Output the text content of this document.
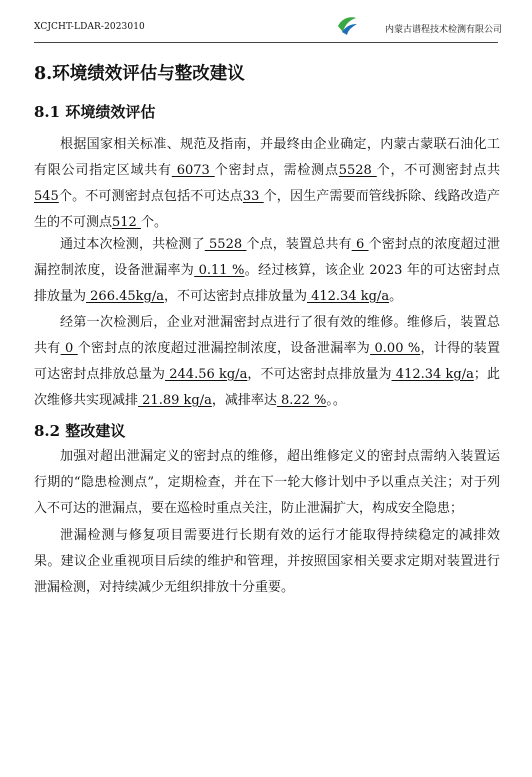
XCJCHT-LDAR-2023010	内蒙古谱程技术检测有限公司
8.环境绩效评估与整改建议
8.1 环境绩效评估

根据国家相关标准、规范及指南，并最终由企业确定，内蒙古蒙联石油化工有限公司指定区域共有 6073 个密封点，需检测点5528 个，不可测密封点共545个。不可测密封点包括不可达点33 个，因生产需要而管线拆除、线路改造产生的不可测点512 个。

通过本次检测，共检测了 5528 个点，装置总共有 6 个密封点的浓度超过泄漏控制浓度，设备泄漏率为 0.11 %。经过核算，该企业 2023 年的可达密封点排放量为 266.45kg/a，不可达密封点排放量为 412.34 kg/a。

经第一次检测后，企业对泄漏密封点进行了很有效的维修。维修后，装置总共有 0 个密封点的浓度超过泄漏控制浓度，设备泄漏率为 0.00 %，计得的装置可达密封点排放总量为 244.56 kg/a，不可达密封点排放量为 412.34 kg/a；此次维修共实现减排 21.89 kg/a，减排率达 8.22 %。。

8.2 整改建议

加强对超出泄漏定义的密封点的维修，超出维修定义的密封点需纳入装置运行期的“隐患检测点”，定期检查，并在下一轮大修计划中予以重点关注；对于列入不可达的泄漏点，要在巡检时重点关注，防止泄漏扩大，构成安全隐患；

泄漏检测与修复项目需要进行长期有效的运行才能取得持续稳定的减排效果。建议企业重视项目后续的维护和管理，并按照国家相关要求定期对装置进行泄漏检测，对持续减少无组织排放十分重要。
